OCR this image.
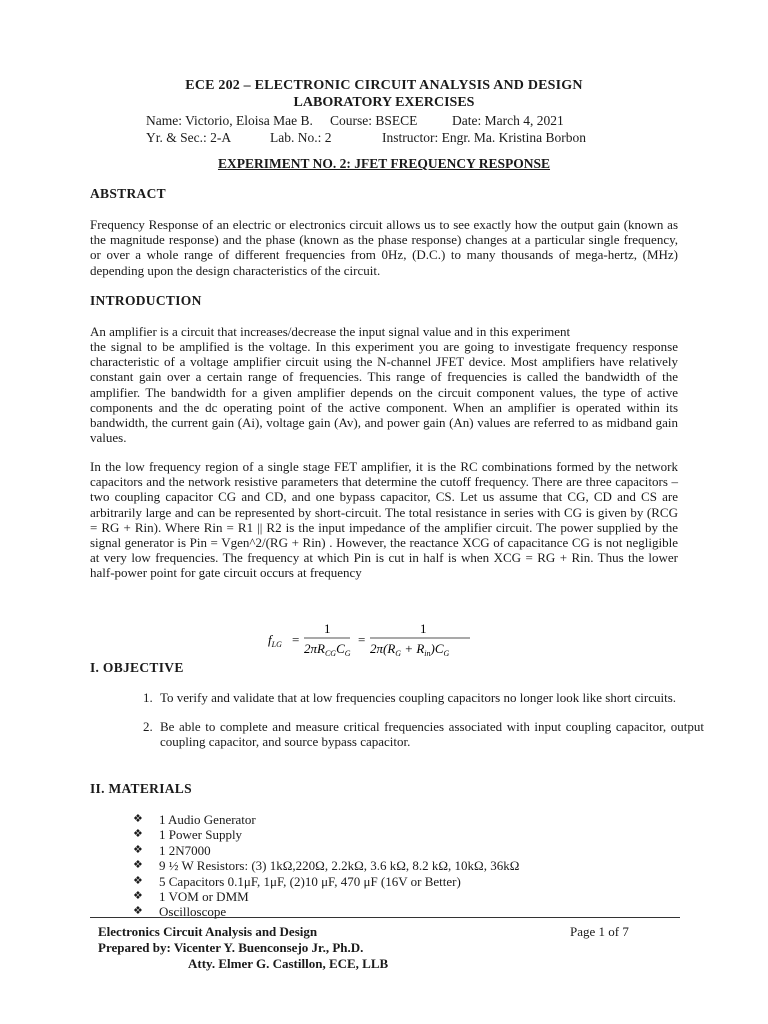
ECE 202 – ELECTRONIC CIRCUIT ANALYSIS AND DESIGN
LABORATORY EXERCISES
Name: Victorio, Eloisa Mae B. Course: BSECE	Date: March 4, 2021
Yr. & Sec.: 2-A	Lab. No.: 2	Instructor: Engr. Ma. Kristina Borbon
EXPERIMENT NO. 2: JFET FREQUENCY RESPONSE
ABSTRACT

Frequency Response of an electric or electronics circuit allows us to see exactly how the output gain (known as the magnitude response) and the phase (known as the phase response) changes at a particular single frequency, or over a whole range of different frequencies from 0Hz, (D.C.) to many thousands of mega-hertz, (MHz) depending upon the design characteristics of the circuit.

INTRODUCTION

An amplifier is a circuit that increases/decrease the input signal value and in this experiment

the signal to be amplified is the voltage. In this experiment you are going to investigate frequency response characteristic of a voltage amplifier circuit using the N-channel JFET device. Most amplifiers have relatively constant gain over a certain range of frequencies. This range of frequencies is called the bandwidth of the amplifier. The bandwidth for a given amplifier depends on the circuit component values, the type of active components and the dc operating point of the active component. When an amplifier is operated within its bandwidth, the current gain (Ai), voltage gain (Av), and power gain (An) values are referred to as midband gain values.

In the low frequency region of a single stage FET amplifier, it is the RC combinations formed by the network capacitors and the network resistive parameters that determine the cutoff frequency. There are three capacitors – two coupling capacitor CG and CD, and one bypass capacitor, CS. Let us assume that CG, CD and CS are arbitrarily large and can be represented by short-circuit. The total resistance in series with CG is given by (RCG = RG + Rin). Where Rin = R1 || R2 is the input impedance of the amplifier circuit. The power supplied by the signal generator is Pin = Vgen^2/(RG + Rin) . However, the reactance XCG of capacitance CG is not negligible at very low frequencies. The frequency at which Pin is cut in half is when XCG = RG + Rin. Thus the lower half-power point for gate circuit occurs at frequency

$f_{LG}$ =
1
$2\pi R_{CG}C_G$
=
1
$2\pi(R_G + R_{in})C_G$
I. OBJECTIVE
1. To verify and validate that at low frequencies coupling capacitors no longer look like short circuits.
2. Be able to complete and measure critical frequencies associated with input coupling capacitor, output coupling capacitor, and source bypass capacitor.
II. MATERIALS
❖ 1 Audio Generator
❖ 1 Power Supply
❖ 1 2N7000
❖ 9 ½ W Resistors: (3) 1kΩ,220Ω, 2.2kΩ, 3.6 kΩ, 8.2 kΩ, 10kΩ, 36kΩ
❖ 5 Capacitors 0.1μF, 1μF, (2)10 μF, 470 μF (16V or Better)
❖ 1 VOM or DMM
❖ Oscilloscope
Electronics Circuit Analysis and Design	Page 1 of 7
Prepared by: Vicenter Y. Buenconsejo Jr., Ph.D.
Atty. Elmer G. Castillon, ECE, LLB
